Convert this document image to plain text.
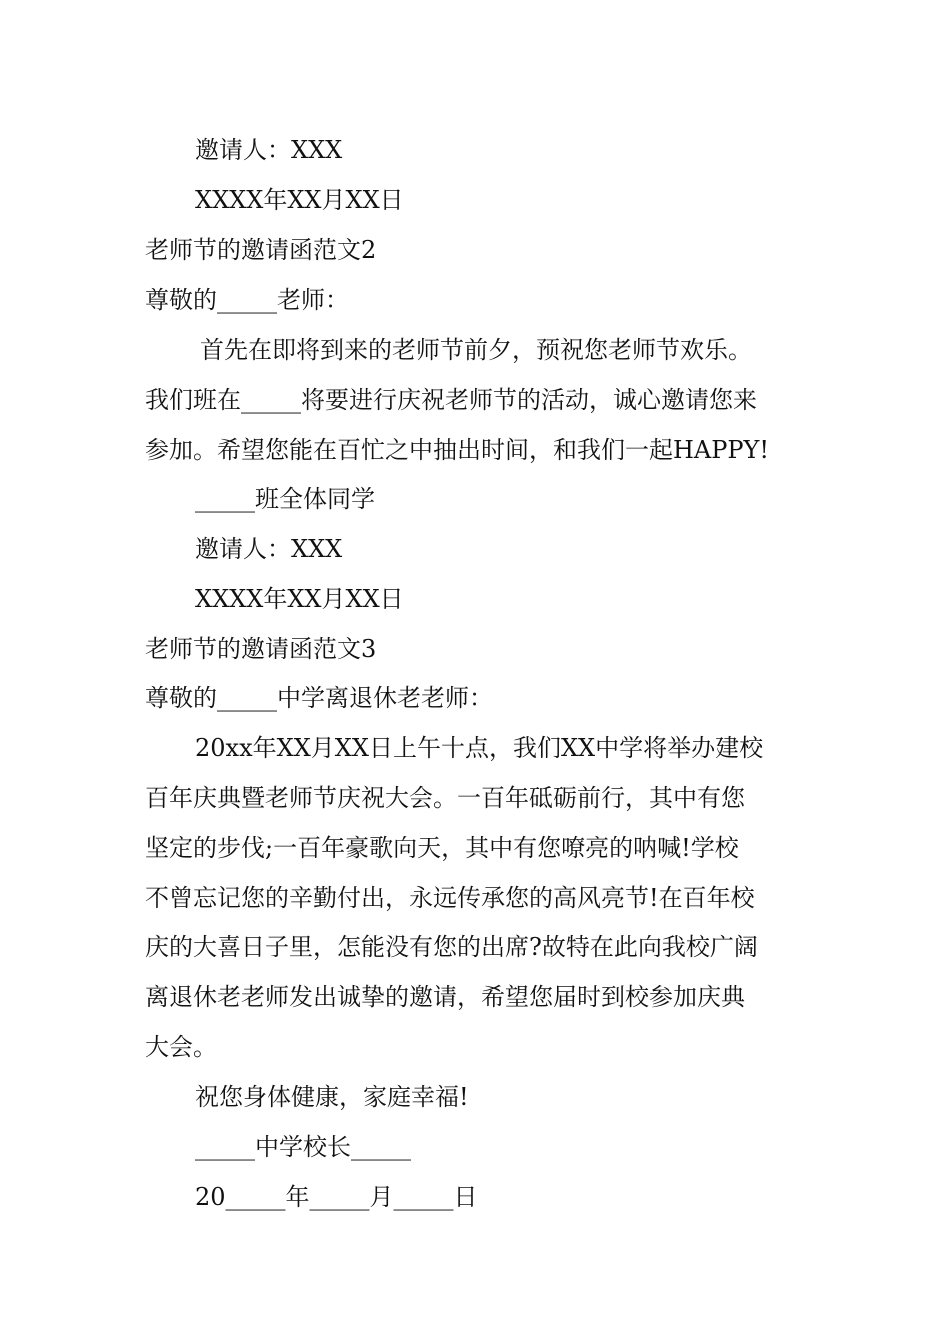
邀请人：XXX
XXXX年XX月XX日
老师节的邀请函范文2
尊敬的_____老师：
首先在即将到来的老师节前夕，预祝您老师节欢乐。
我们班在_____将要进行庆祝老师节的活动，诚心邀请您来
参加。希望您能在百忙之中抽出时间，和我们一起HAPPY!
_____班全体同学
邀请人：XXX
XXXX年XX月XX日
老师节的邀请函范文3
尊敬的_____中学离退休老老师：
20xx年XX月XX日上午十点，我们XX中学将举办建校
百年庆典暨老师节庆祝大会。一百年砥砺前行，其中有您
坚定的步伐;一百年豪歌向天，其中有您嘹亮的呐喊!学校
不曾忘记您的辛勤付出，永远传承您的高风亮节!在百年校
庆的大喜日子里，怎能没有您的出席?故特在此向我校广阔
离退休老老师发出诚挚的邀请，希望您届时到校参加庆典
大会。
祝您身体健康，家庭幸福!
_____中学校长_____
20_____年_____月_____日
